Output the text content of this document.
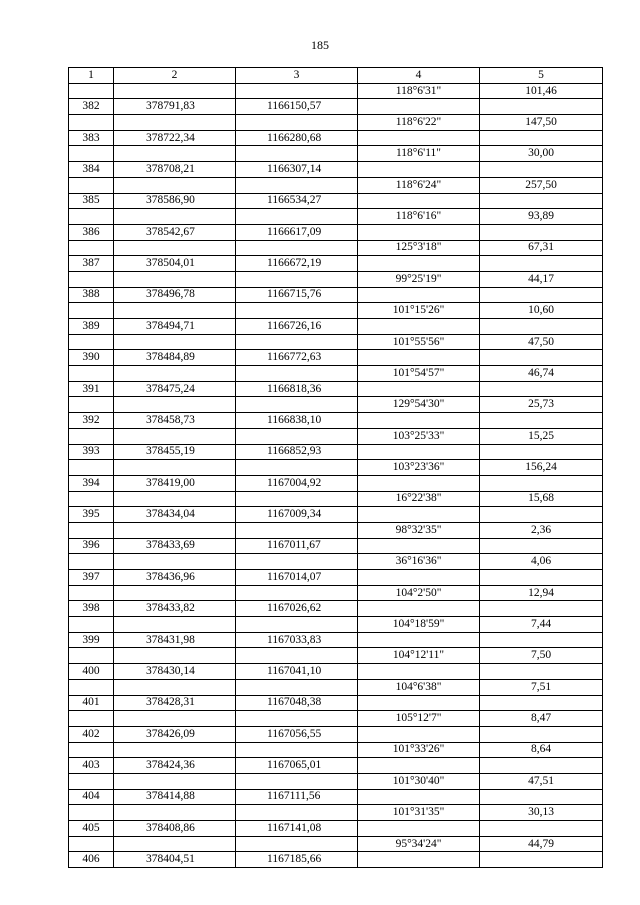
185
1	2	3	4	5
			118°6'31"	101,46
382	378791,83	1166150,57		
			118°6'22"	147,50
383	378722,34	1166280,68		
			118°6'11"	30,00
384	378708,21	1166307,14		
			118°6'24"	257,50
385	378586,90	1166534,27		
			118°6'16"	93,89
386	378542,67	1166617,09		
			125°3'18"	67,31
387	378504,01	1166672,19		
			99°25'19"	44,17
388	378496,78	1166715,76		
			101°15'26"	10,60
389	378494,71	1166726,16		
			101°55'56"	47,50
390	378484,89	1166772,63		
			101°54'57"	46,74
391	378475,24	1166818,36		
			129°54'30"	25,73
392	378458,73	1166838,10		
			103°25'33"	15,25
393	378455,19	1166852,93		
			103°23'36"	156,24
394	378419,00	1167004,92		
			16°22'38"	15,68
395	378434,04	1167009,34		
			98°32'35"	2,36
396	378433,69	1167011,67		
			36°16'36"	4,06
397	378436,96	1167014,07		
			104°2'50"	12,94
398	378433,82	1167026,62		
			104°18'59"	7,44
399	378431,98	1167033,83		
			104°12'11"	7,50
400	378430,14	1167041,10		
			104°6'38"	7,51
401	378428,31	1167048,38		
			105°12'7"	8,47
402	378426,09	1167056,55		
			101°33'26"	8,64
403	378424,36	1167065,01		
			101°30'40"	47,51
404	378414,88	1167111,56		
			101°31'35"	30,13
405	378408,86	1167141,08		
			95°34'24"	44,79
406	378404,51	1167185,66		
